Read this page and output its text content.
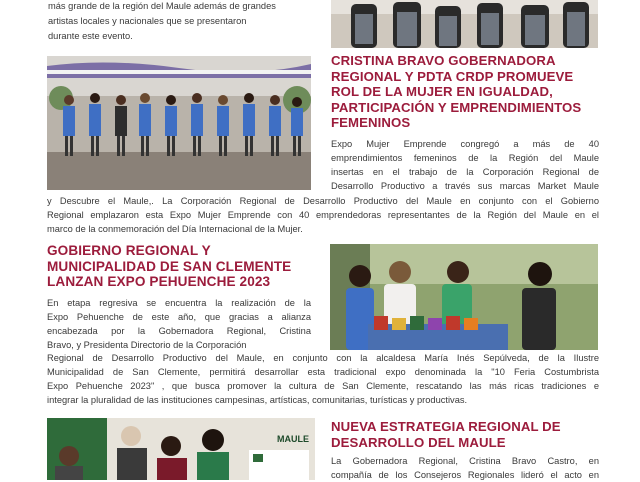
más grande de la región del Maule además de grandes

artistas locales y nacionales que se presentaron

durante este evento.

CRISTINA BRAVO GOBERNADORA
REGIONAL Y PDTA CRDP PROMUEVE
ROL DE LA MUJER EN IGUALDAD,
PARTICIPACIÓN Y EMPRENDIMIENTOS
FEMENINOS

Expo Mujer Emprende congregó a más de 40

emprendimientos femeninos de la Región del Maule

insertas en el trabajo de la Corporación Regional de

Desarrollo Productivo a través sus marcas Market Maule

y Descubre el Maule,. La Corporación Regional de Desarrollo Productivo del Maule en conjunto con el Gobierno

Regional emplazaron esta Expo Mujer Emprende con 40 emprendedoras representantes de la Región del Maule en el

marco de la conmemoración del Día Internacional de la Mujer.

GOBIERNO REGIONAL Y
MUNICIPALIDAD DE SAN CLEMENTE
LANZAN EXPO PEHUENCHE 2023

En etapa regresiva se encuentra la realización de la

Expo Pehuenche de este año, que gracias a alianza

encabezada por la Gobernadora Regional, Cristina

Bravo, y Presidenta Directorio de la Corporación

Regional de Desarrollo Productivo del Maule, en conjunto con la alcaldesa María Inés Sepúlveda, de la Ilustre

Municipalidad de San Clemente, permitirá desarrollar esta tradicional expo denominada la "10 Feria Costumbrista

Expo Pehuenche 2023" , que busca promover la cultura de San Clemente, rescatando las más ricas tradiciones e

integrar la pluralidad de las instituciones campesinas, artísticas, comunitarias, turísticas y productivas.

MAULE
NUEVA ESTRATEGIA REGIONAL DE
DESARROLLO DEL MAULE

La Gobernadora Regional, Cristina Bravo Castro, en

compañía de los Consejeros Regionales lideró el acto en
